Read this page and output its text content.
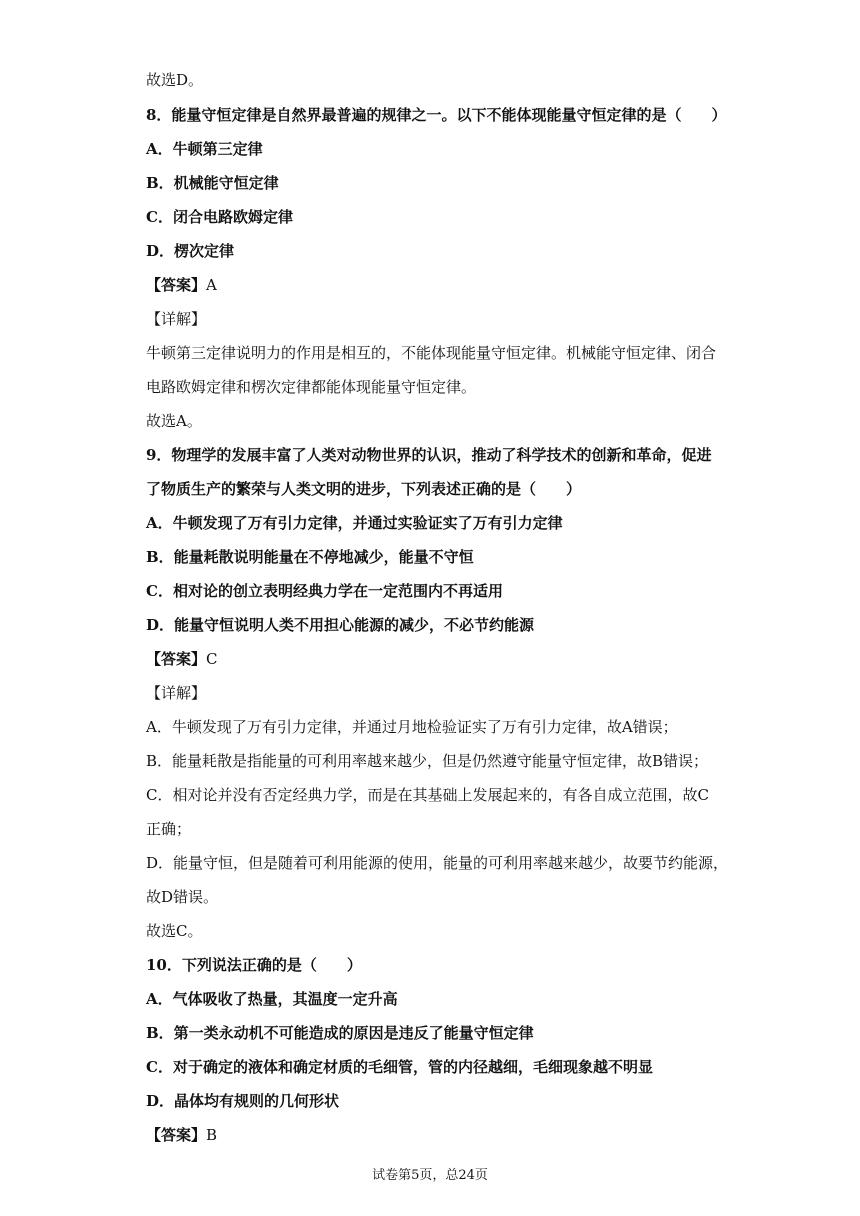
故选D。
8．能量守恒定律是自然界最普遍的规律之一。以下不能体现能量守恒定律的是（　　）
A．牛顿第三定律
B．机械能守恒定律
C．闭合电路欧姆定律
D．楞次定律
【答案】A
【详解】
牛顿第三定律说明力的作用是相互的，不能体现能量守恒定律。机械能守恒定律、闭合
电路欧姆定律和楞次定律都能体现能量守恒定律。
故选A。
9．物理学的发展丰富了人类对动物世界的认识，推动了科学技术的创新和革命，促进
了物质生产的繁荣与人类文明的进步，下列表述正确的是（　　）
A．牛顿发现了万有引力定律，并通过实验证实了万有引力定律
B．能量耗散说明能量在不停地减少，能量不守恒
C．相对论的创立表明经典力学在一定范围内不再适用
D．能量守恒说明人类不用担心能源的减少，不必节约能源
【答案】C
【详解】
A．牛顿发现了万有引力定律，并通过月地检验证实了万有引力定律，故A错误；
B．能量耗散是指能量的可利用率越来越少，但是仍然遵守能量守恒定律，故B错误；
C．相对论并没有否定经典力学，而是在其基础上发展起来的，有各自成立范围，故C
正确；
D．能量守恒，但是随着可利用能源的使用，能量的可利用率越来越少，故要节约能源，
故D错误。
故选C。
10．下列说法正确的是（　　）
A．气体吸收了热量，其温度一定升高
B．第一类永动机不可能造成的原因是违反了能量守恒定律
C．对于确定的液体和确定材质的毛细管，管的内径越细，毛细现象越不明显
D．晶体均有规则的几何形状
【答案】B
试卷第5页，总24页
